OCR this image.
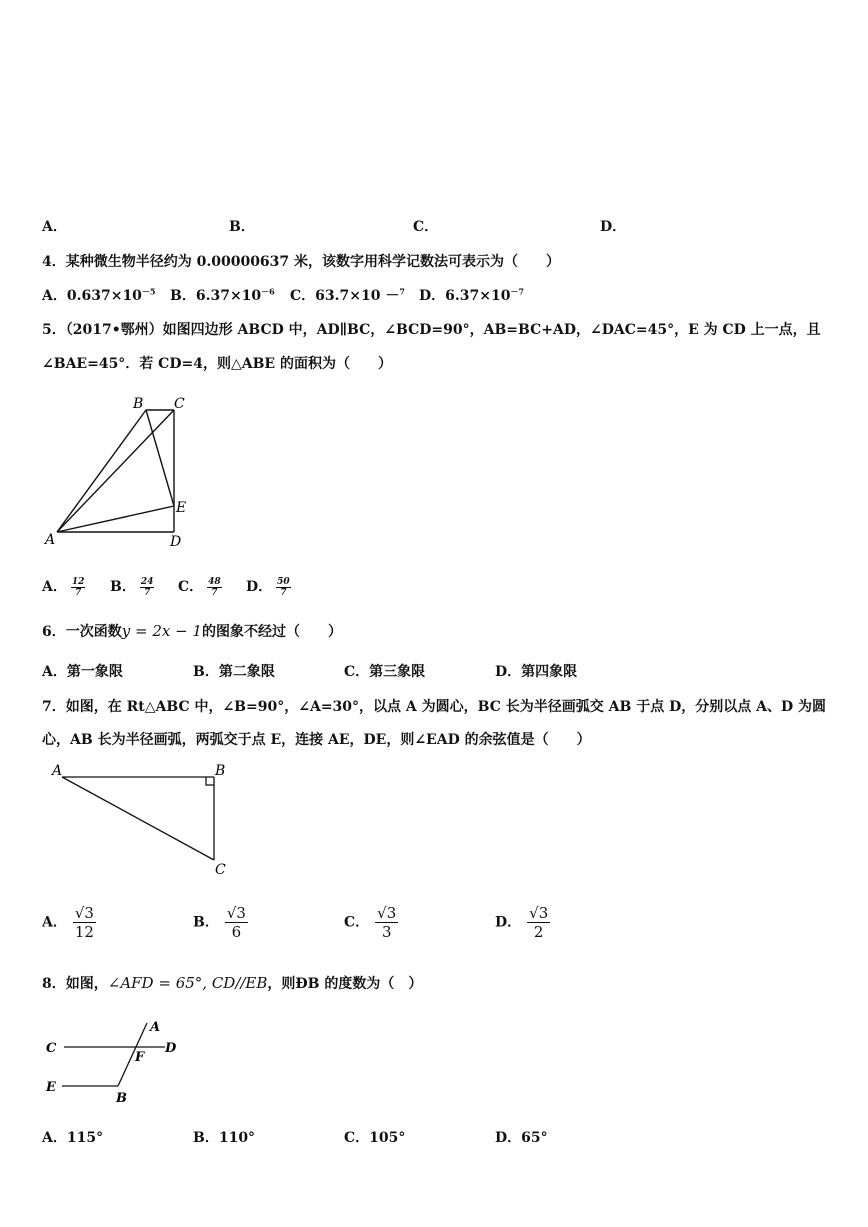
A．	B．	C．	D．
4．某种微生物半径约为 0.00000637 米，该数字用科学记数法可表示为（　　）
A．$0.637\times 10^{-5}$ B．$6.37\times 10^{-6}$ C．63.7×10 －$^7$ D．$6.37\times 10^{-7}$
5．（2017•鄂州）如图四边形 ABCD 中，AD∥BC，∠BCD=90°，AB=BC+AD，∠DAC=45°，E 为 CD 上一点，且
∠BAE=45°．若 CD=4，则△ABE 的面积为（　　）
A
B C
D
E
A． $\frac{12}{7}$ B． $\frac{24}{7}$ C． $\frac{48}{7}$ D． $\frac{50}{7}$
6．一次函数y = 2x − 1的图象不经过（　　）
A．第一象限	B．第二象限	C．第三象限	D．第四象限
7．如图，在 Rt△ABC 中，∠B=90°，∠A=30°，以点 A 为圆心，BC 长为半径画弧交 AB 于点 D，分别以点 A、D 为圆
心，AB 长为半径画弧，两弧交于点 E，连接 AE，DE，则∠EAD 的余弦值是（　　）
A	B
C
A． $\frac{√3}{12}$	B． $\frac{√3}{6}$	C． $\frac{√3}{3}$	D． $\frac{√3}{2}$
8．如图，∠AFD = 65°, CD//EB，则ÐB 的度数为（　）
A
C	D
F
E
B
A．115°	B．110°	C．105°	D．65°
